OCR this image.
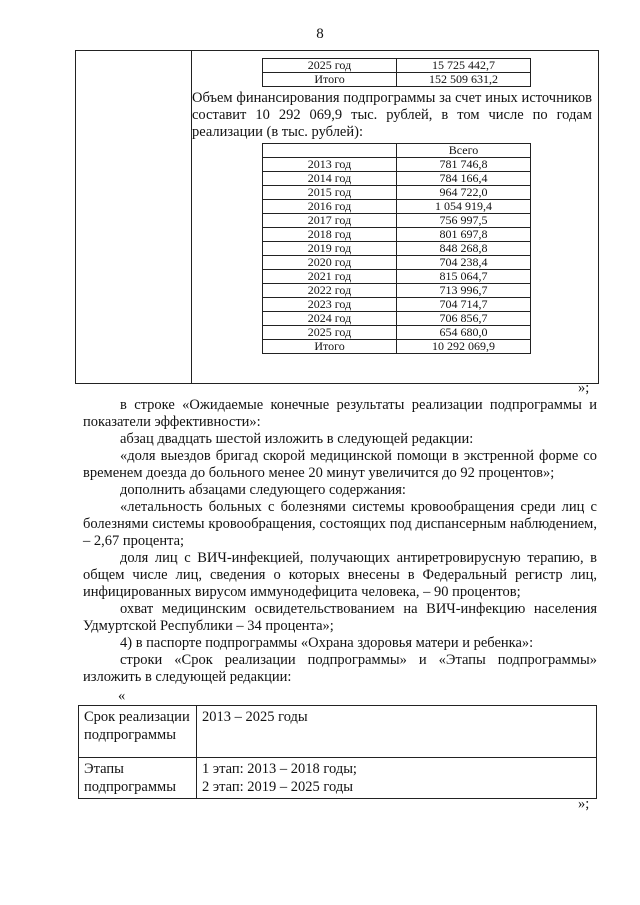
8
2025 год	15 725 442,7
Итого	152 509 631,2
Объем финансирования подпрограммы за счет иных источников составит 10 292 069,9 тыс. рублей, в том числе по годам реализации (в тыс. рублей):
	Всего
2013 год	781 746,8
2014 год	784 166,4
2015 год	964 722,0
2016 год	1 054 919,4
2017 год	756 997,5
2018 год	801 697,8
2019 год	848 268,8
2020 год	704 238,4
2021 год	815 064,7
2022 год	713 996,7
2023 год	704 714,7
2024 год	706 856,7
2025 год	654 680,0
Итого	10 292 069,9
»;
в строке «Ожидаемые конечные результаты реализации подпрограммы и показатели эффективности»:
абзац двадцать шестой изложить в следующей редакции:
«доля выездов бригад скорой медицинской помощи в экстренной форме со временем доезда до больного менее 20 минут увеличится до 92 процентов»;
дополнить абзацами следующего содержания:
«летальность больных с болезнями системы кровообращения среди лиц с болезнями системы кровообращения, состоящих под диспансерным наблюдением, – 2,67 процента;
доля лиц с ВИЧ-инфекцией, получающих антиретровирусную терапию, в общем числе лиц, сведения о которых внесены в Федеральный регистр лиц, инфицированных вирусом иммунодефицита человека, – 90 процентов;
охват медицинским освидетельствованием на ВИЧ-инфекцию населения Удмуртской Республики – 34 процента»;
4) в паспорте подпрограммы «Охрана здоровья матери и ребенка»:
строки «Срок реализации подпрограммы» и «Этапы подпрограммы» изложить в следующей редакции:
«
Срок реализации подпрограммы	2013 – 2025 годы

Этапы подпрограммы	1 этап: 2013 – 2018 годы;
2 этап: 2019 – 2025 годы
»;
